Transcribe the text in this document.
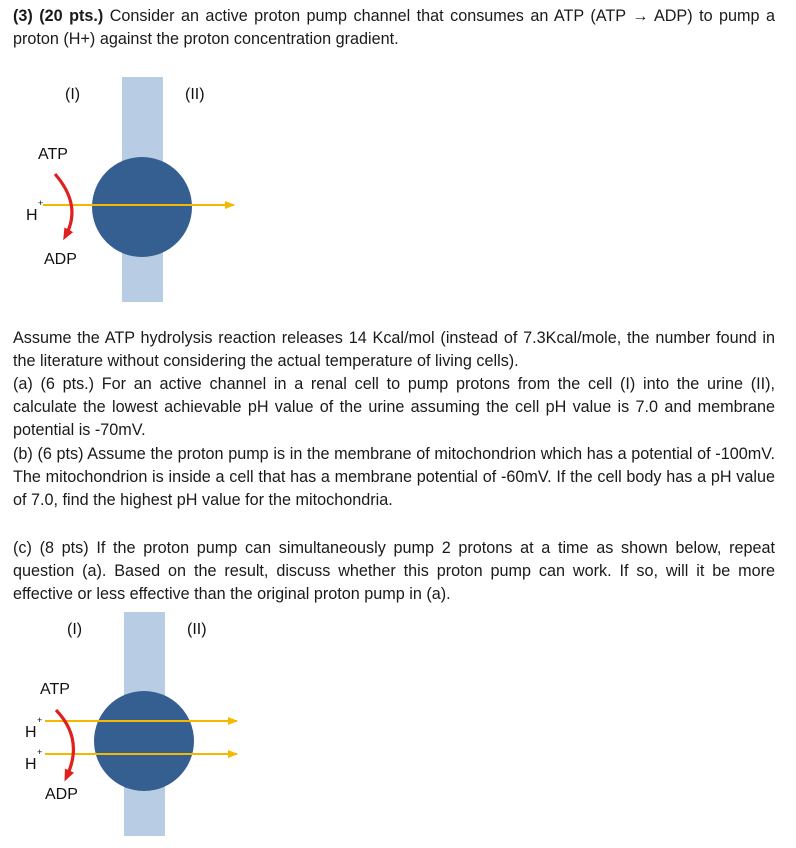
(3) (20 pts.) Consider an active proton pump channel that consumes an ATP (ATP → ADP) to pump a proton (H+) against the proton concentration gradient.

(I)	(II)
ATP
H
+
ADP

Assume the ATP hydrolysis reaction releases 14 Kcal/mol (instead of 7.3Kcal/mole, the number found in the literature without considering the actual temperature of living cells).

(a) (6 pts.) For an active channel in a renal cell to pump protons from the cell (I) into the urine (II), calculate the lowest achievable pH value of the urine assuming the cell pH value is 7.0 and membrane potential is -70mV.

(b) (6 pts) Assume the proton pump is in the membrane of mitochondrion which has a potential of -100mV. The mitochondrion is inside a cell that has a membrane potential of -60mV. If the cell body has a pH value of 7.0, find the highest pH value for the mitochondria.

(c) (8 pts) If the proton pump can simultaneously pump 2 protons at a time as shown below, repeat question (a). Based on the result, discuss whether this proton pump can work. If so, will it be more effective or less effective than the original proton pump in (a).

(I)	(II)
ATP
H
+
H
+
ADP
